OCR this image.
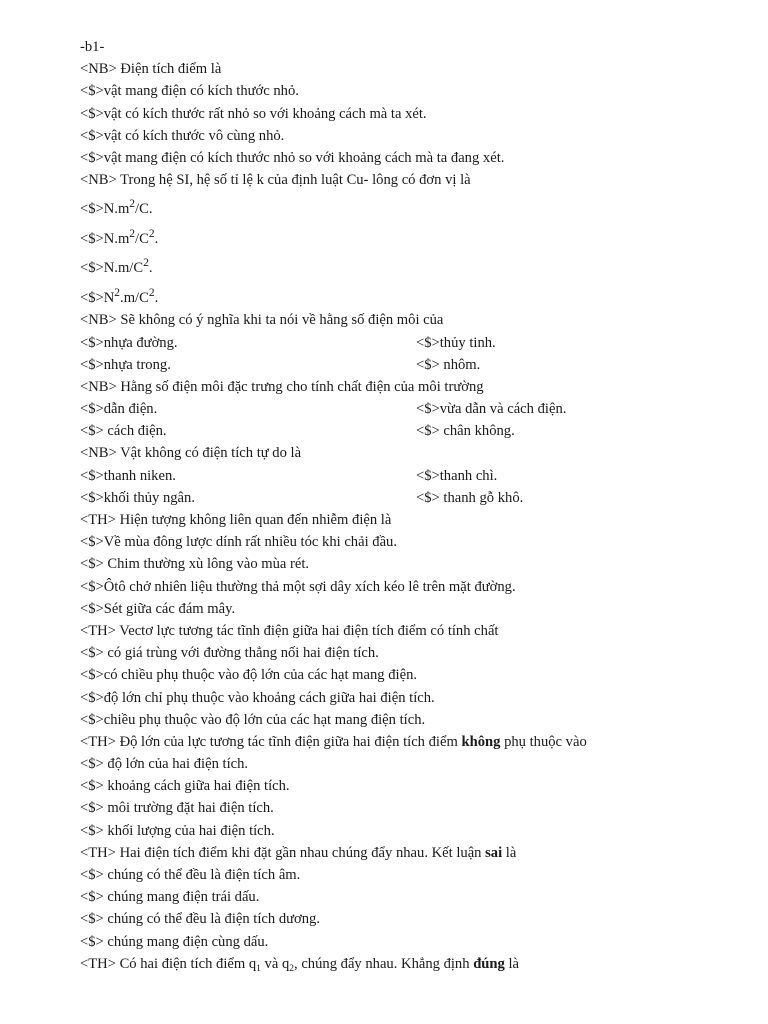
-b1-
<NB> Điện tích điểm là
<$>vật mang điện có kích thước nhỏ.
<$>vật có kích thước rất nhỏ so với khoảng cách mà ta xét.
<$>vật có kích thước vô cùng nhỏ.
<$>vật mang điện có kích thước nhỏ so với khoảng cách mà ta đang xét.
<NB> Trong hệ SI, hệ số tỉ lệ k của định luật Cu- lông có đơn vị là
$<\$>N.m^2/C$.
$<\$>N.m^2/C^2$.
$<\$>N.m/C^2$.
$<\$>N^2.m/C^2$.
<NB> Sẽ không có ý nghĩa khi ta nói về hằng số điện môi của
<$>nhựa đường.	<$>thủy tinh.
<$>nhựa trong.	<$> nhôm.
<NB> Hằng số điện môi đặc trưng cho tính chất điện của môi trường
<$>dẫn điện.	<$>vừa dẫn và cách điện.
<$> cách điện.	<$> chân không.
<NB> Vật không có điện tích tự do là
<$>thanh niken.	<$>thanh chì.
<$>khối thủy ngân.	<$> thanh gỗ khô.
<TH> Hiện tượng không liên quan đến nhiễm điện là
<$>Về mùa đông lược dính rất nhiều tóc khi chải đầu.
<$> Chim thường xù lông vào mùa rét.
<$>Ôtô chở nhiên liệu thường thả một sợi dây xích kéo lê trên mặt đường.
<$>Sét giữa các đám mây.
<TH> Vectơ lực tương tác tĩnh điện giữa hai điện tích điểm có tính chất
<$> có giá trùng với đường thẳng nối hai điện tích.
<$>có chiều phụ thuộc vào độ lớn của các hạt mang điện.
<$>độ lớn chỉ phụ thuộc vào khoảng cách giữa hai điện tích.
<$>chiều phụ thuộc vào độ lớn của các hạt mang điện tích.
<TH> Độ lớn của lực tương tác tĩnh điện giữa hai điện tích điểm không phụ thuộc vào
<$> độ lớn của hai điện tích.
<$> khoảng cách giữa hai điện tích.
<$> môi trường đặt hai điện tích.
<$> khối lượng của hai điện tích.
<TH> Hai điện tích điểm khi đặt gần nhau chúng đẩy nhau. Kết luận sai là
<$> chúng có thể đều là điện tích âm.
<$> chúng mang điện trái dấu.
<$> chúng có thể đều là điện tích dương.
<$> chúng mang điện cùng dấu.
<TH> Có hai điện tích điểm $q_1$ và $q_2$, chúng đẩy nhau. Khẳng định đúng là
